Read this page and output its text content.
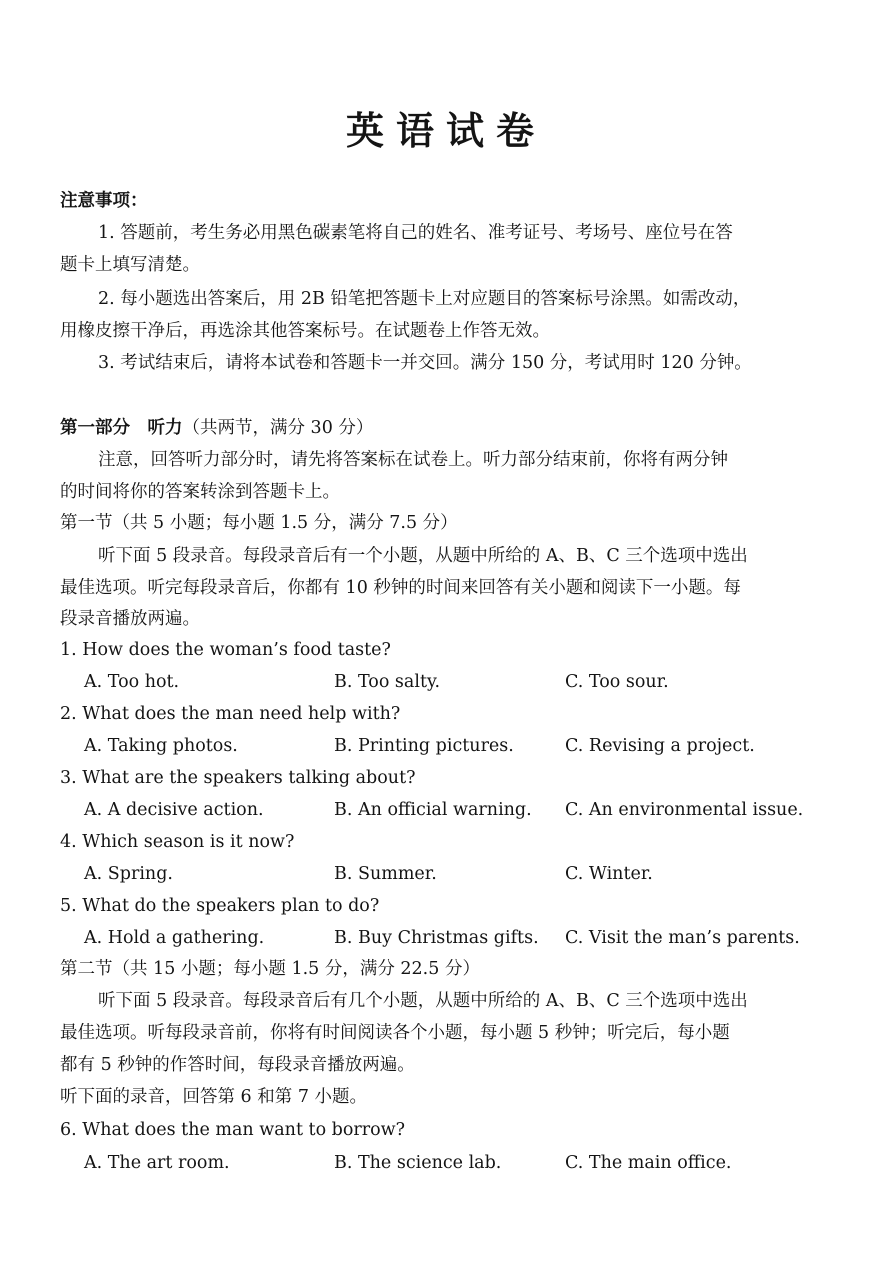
英语试卷
注意事项：
1. 答题前，考生务必用黑色碳素笔将自己的姓名、准考证号、考场号、座位号在答
题卡上填写清楚。
2. 每小题选出答案后，用 2B 铅笔把答题卡上对应题目的答案标号涂黑。如需改动，
用橡皮擦干净后，再选涂其他答案标号。在试题卷上作答无效。
3. 考试结束后，请将本试卷和答题卡一并交回。满分 150 分，考试用时 120 分钟。
第一部分　听力（共两节，满分 30 分）
注意，回答听力部分时，请先将答案标在试卷上。听力部分结束前，你将有两分钟
的时间将你的答案转涂到答题卡上。
第一节（共 5 小题；每小题 1.5 分，满分 7.5 分）
听下面 5 段录音。每段录音后有一个小题，从题中所给的 A、B、C 三个选项中选出
最佳选项。听完每段录音后，你都有 10 秒钟的时间来回答有关小题和阅读下一小题。每
段录音播放两遍。
1. How does the woman’s food taste?
A. Too hot.	B. Too salty.	C. Too sour.
2. What does the man need help with?
A. Taking photos.	B. Printing pictures.	C. Revising a project.
3. What are the speakers talking about?
A. A decisive action.	B. An official warning. C. An environmental issue.
4. Which season is it now?
A. Spring.	B. Summer.	C. Winter.
5. What do the speakers plan to do?
A. Hold a gathering.	B. Buy Christmas gifts. C. Visit the man’s parents.
第二节（共 15 小题；每小题 1.5 分，满分 22.5 分）
听下面 5 段录音。每段录音后有几个小题，从题中所给的 A、B、C 三个选项中选出
最佳选项。听每段录音前，你将有时间阅读各个小题，每小题 5 秒钟；听完后，每小题
都有 5 秒钟的作答时间，每段录音播放两遍。
听下面的录音，回答第 6 和第 7 小题。
6. What does the man want to borrow?
A. The art room.	B. The science lab.	C. The main office.
